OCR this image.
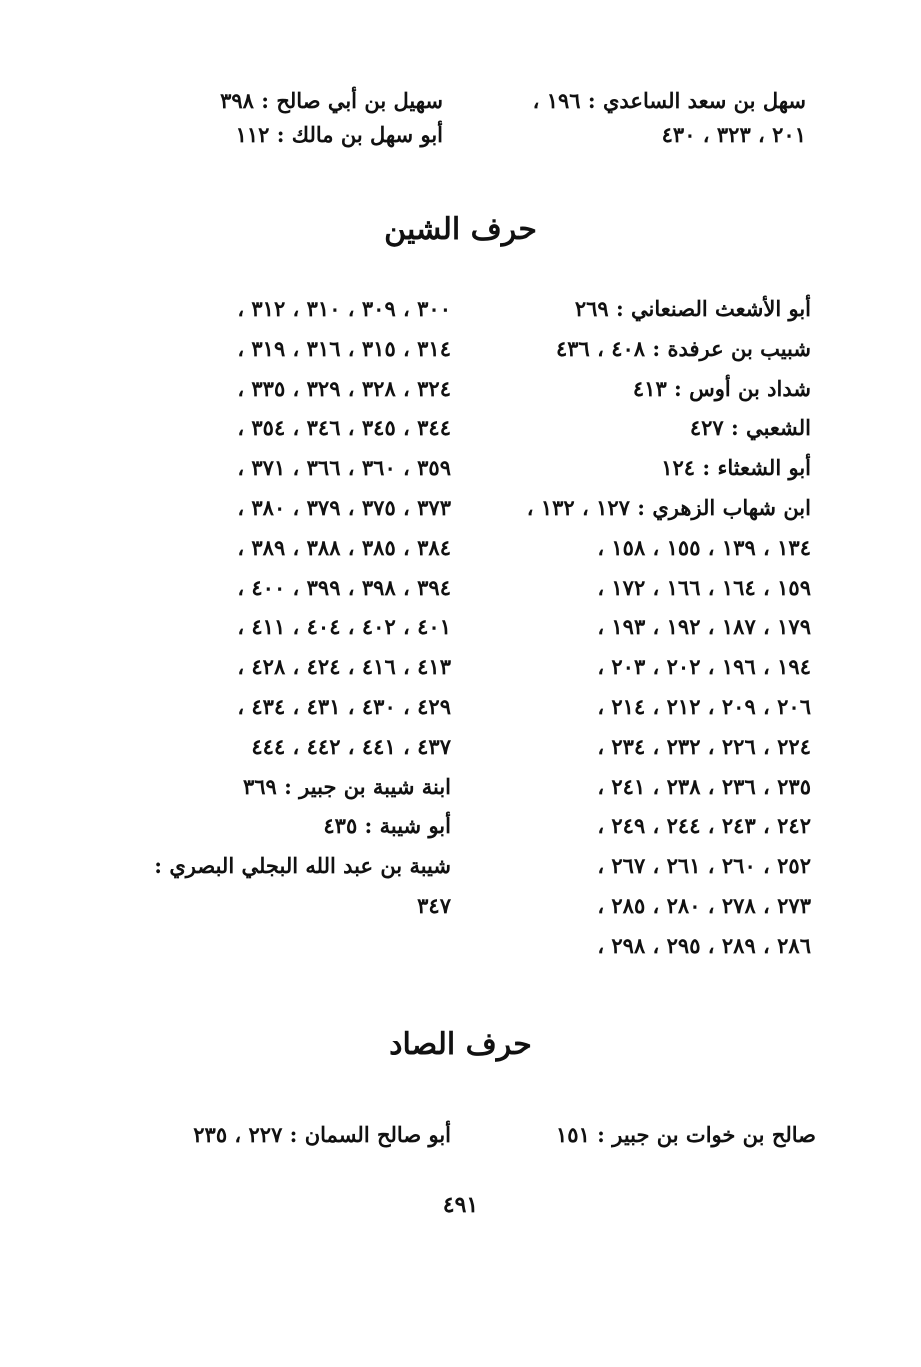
سهل بن سعد الساعدي : ١٩٦ ،
٢٠١ ، ٣٢٣ ، ٤٣٠
سهيل بن أبي صالح : ٣٩٨
أبو سهل بن مالك : ١١٢
حرف الشين
أبو الأشعث الصنعاني : ٢٦٩
شبيب بن عرفدة : ٤٠٨ ، ٤٣٦
شداد بن أوس : ٤١٣
الشعبي : ٤٢٧
أبو الشعثاء : ١٢٤
ابن شهاب الزهري : ١٢٧ ، ١٣٢ ،
١٣٤ ، ١٣٩ ، ١٥٥ ، ١٥٨ ،
١٥٩ ، ١٦٤ ، ١٦٦ ، ١٧٢ ،
١٧٩ ، ١٨٧ ، ١٩٢ ، ١٩٣ ،
١٩٤ ، ١٩٦ ، ٢٠٢ ، ٢٠٣ ،
٢٠٦ ، ٢٠٩ ، ٢١٢ ، ٢١٤ ،
٢٢٤ ، ٢٢٦ ، ٢٣٢ ، ٢٣٤ ،
٢٣٥ ، ٢٣٦ ، ٢٣٨ ، ٢٤١ ،
٢٤٢ ، ٢٤٣ ، ٢٤٤ ، ٢٤٩ ،
٢٥٢ ، ٢٦٠ ، ٢٦١ ، ٢٦٧ ،
٢٧٣ ، ٢٧٨ ، ٢٨٠ ، ٢٨٥ ،
٢٨٦ ، ٢٨٩ ، ٢٩٥ ، ٢٩٨ ،
٣٠٠ ، ٣٠٩ ، ٣١٠ ، ٣١٢ ،
٣١٤ ، ٣١٥ ، ٣١٦ ، ٣١٩ ،
٣٢٤ ، ٣٢٨ ، ٣٢٩ ، ٣٣٥ ،
٣٤٤ ، ٣٤٥ ، ٣٤٦ ، ٣٥٤ ،
٣٥٩ ، ٣٦٠ ، ٣٦٦ ، ٣٧١ ،
٣٧٣ ، ٣٧٥ ، ٣٧٩ ، ٣٨٠ ،
٣٨٤ ، ٣٨٥ ، ٣٨٨ ، ٣٨٩ ،
٣٩٤ ، ٣٩٨ ، ٣٩٩ ، ٤٠٠ ،
٤٠١ ، ٤٠٢ ، ٤٠٤ ، ٤١١ ،
٤١٣ ، ٤١٦ ، ٤٢٤ ، ٤٢٨ ،
٤٢٩ ، ٤٣٠ ، ٤٣١ ، ٤٣٤ ،
٤٣٧ ، ٤٤١ ، ٤٤٢ ، ٤٤٤
ابنة شيبة بن جبير : ٣٦٩
أبو شيبة : ٤٣٥
شيبة بن عبد الله البجلي البصري :
٣٤٧
حرف الصاد
صالح بن خوات بن جبير : ١٥١
أبو صالح السمان : ٢٢٧ ، ٢٣٥
٤٩١
